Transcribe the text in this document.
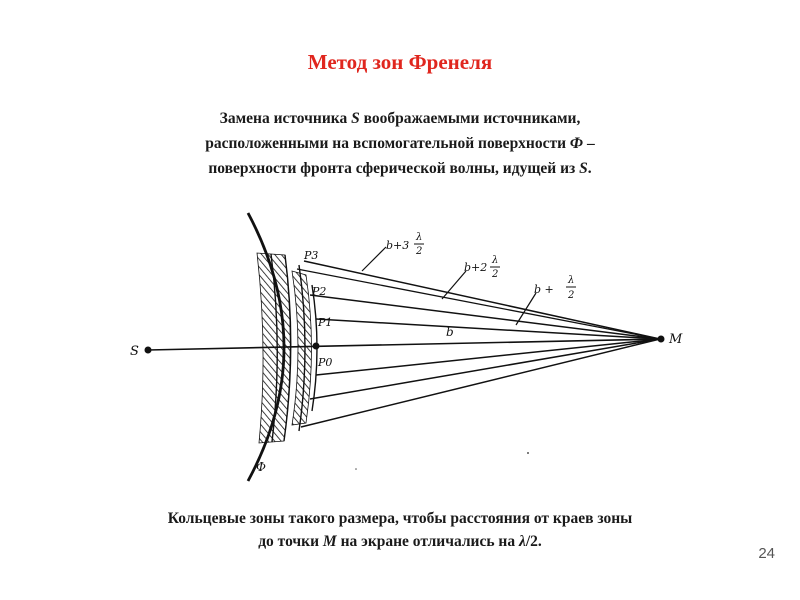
Метод зон Френеля
Замена источника S воображаемыми источниками,
расположенными на вспомогательной поверхности Ф –
поверхности фронта сферической волны, идущей из S.
S
M
Ф
P3
P2
P1
P0
b
b+3
λ
2
b+2
λ
2
b +
λ
2
Кольцевые зоны такого размера, чтобы расстояния от краев зоны
до точки M на экране отличались на λ/2.
24
